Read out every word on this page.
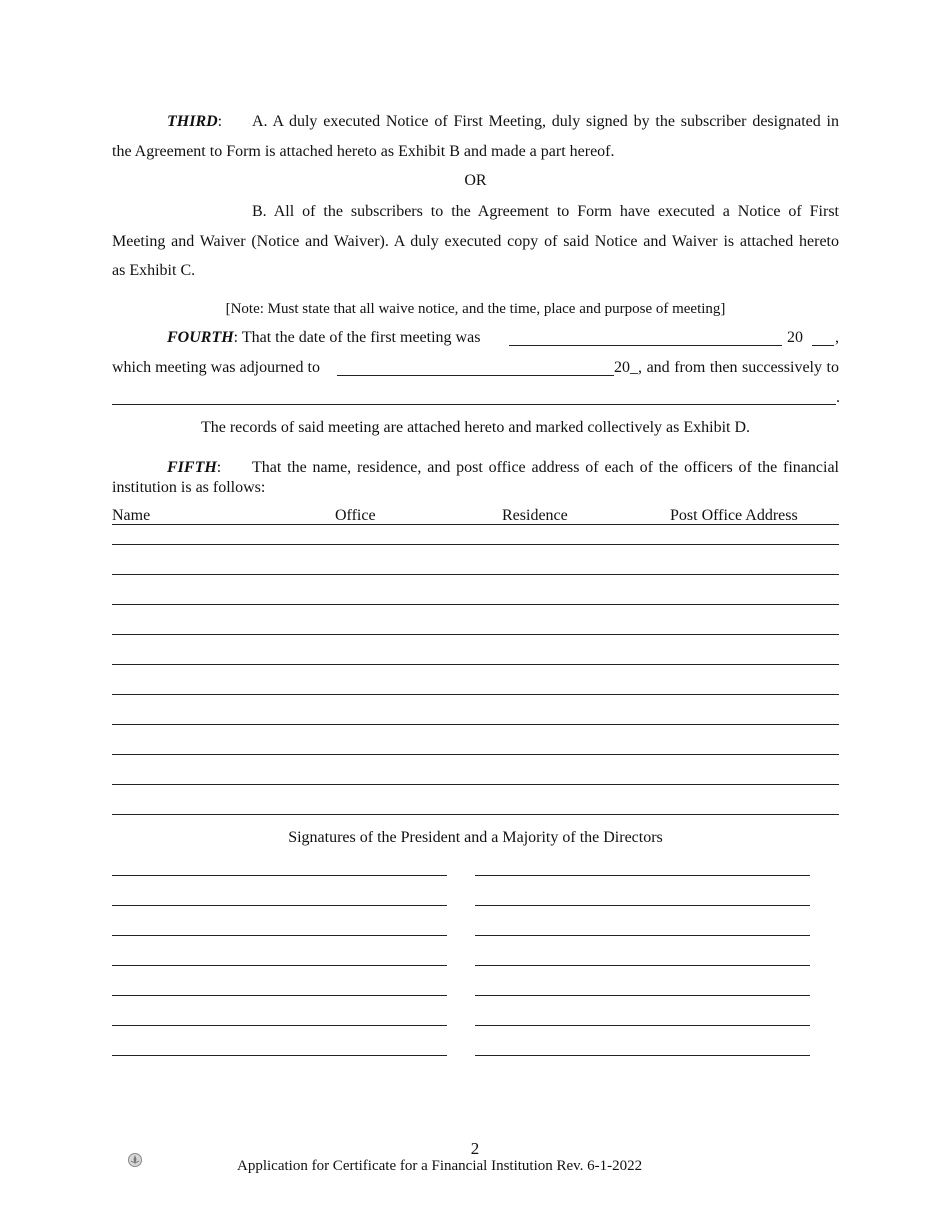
THIRD: A. A duly executed Notice of First Meeting, duly signed by the subscriber designated in
the Agreement to Form is attached hereto as Exhibit B and made a part hereof.
OR
B. All of the subscribers to the Agreement to Form have executed a Notice of First
Meeting and Waiver (Notice and Waiver). A duly executed copy of said Notice and Waiver is attached hereto
as Exhibit C.
[Note: Must state that all waive notice, and the time, place and purpose of meeting]
FOURTH: That the date of the first meeting was	20 ,
which meeting was adjourned to	20_, and from then successively to
.
The records of said meeting are attached hereto and marked collectively as Exhibit D.
FIFTH: That the name, residence, and post office address of each of the officers of the financial
institution is as follows:
Name	Office	Residence	Post Office Address
Signatures of the President and a Majority of the Directors
2
Application for Certificate for a Financial Institution Rev. 6-1-2022
